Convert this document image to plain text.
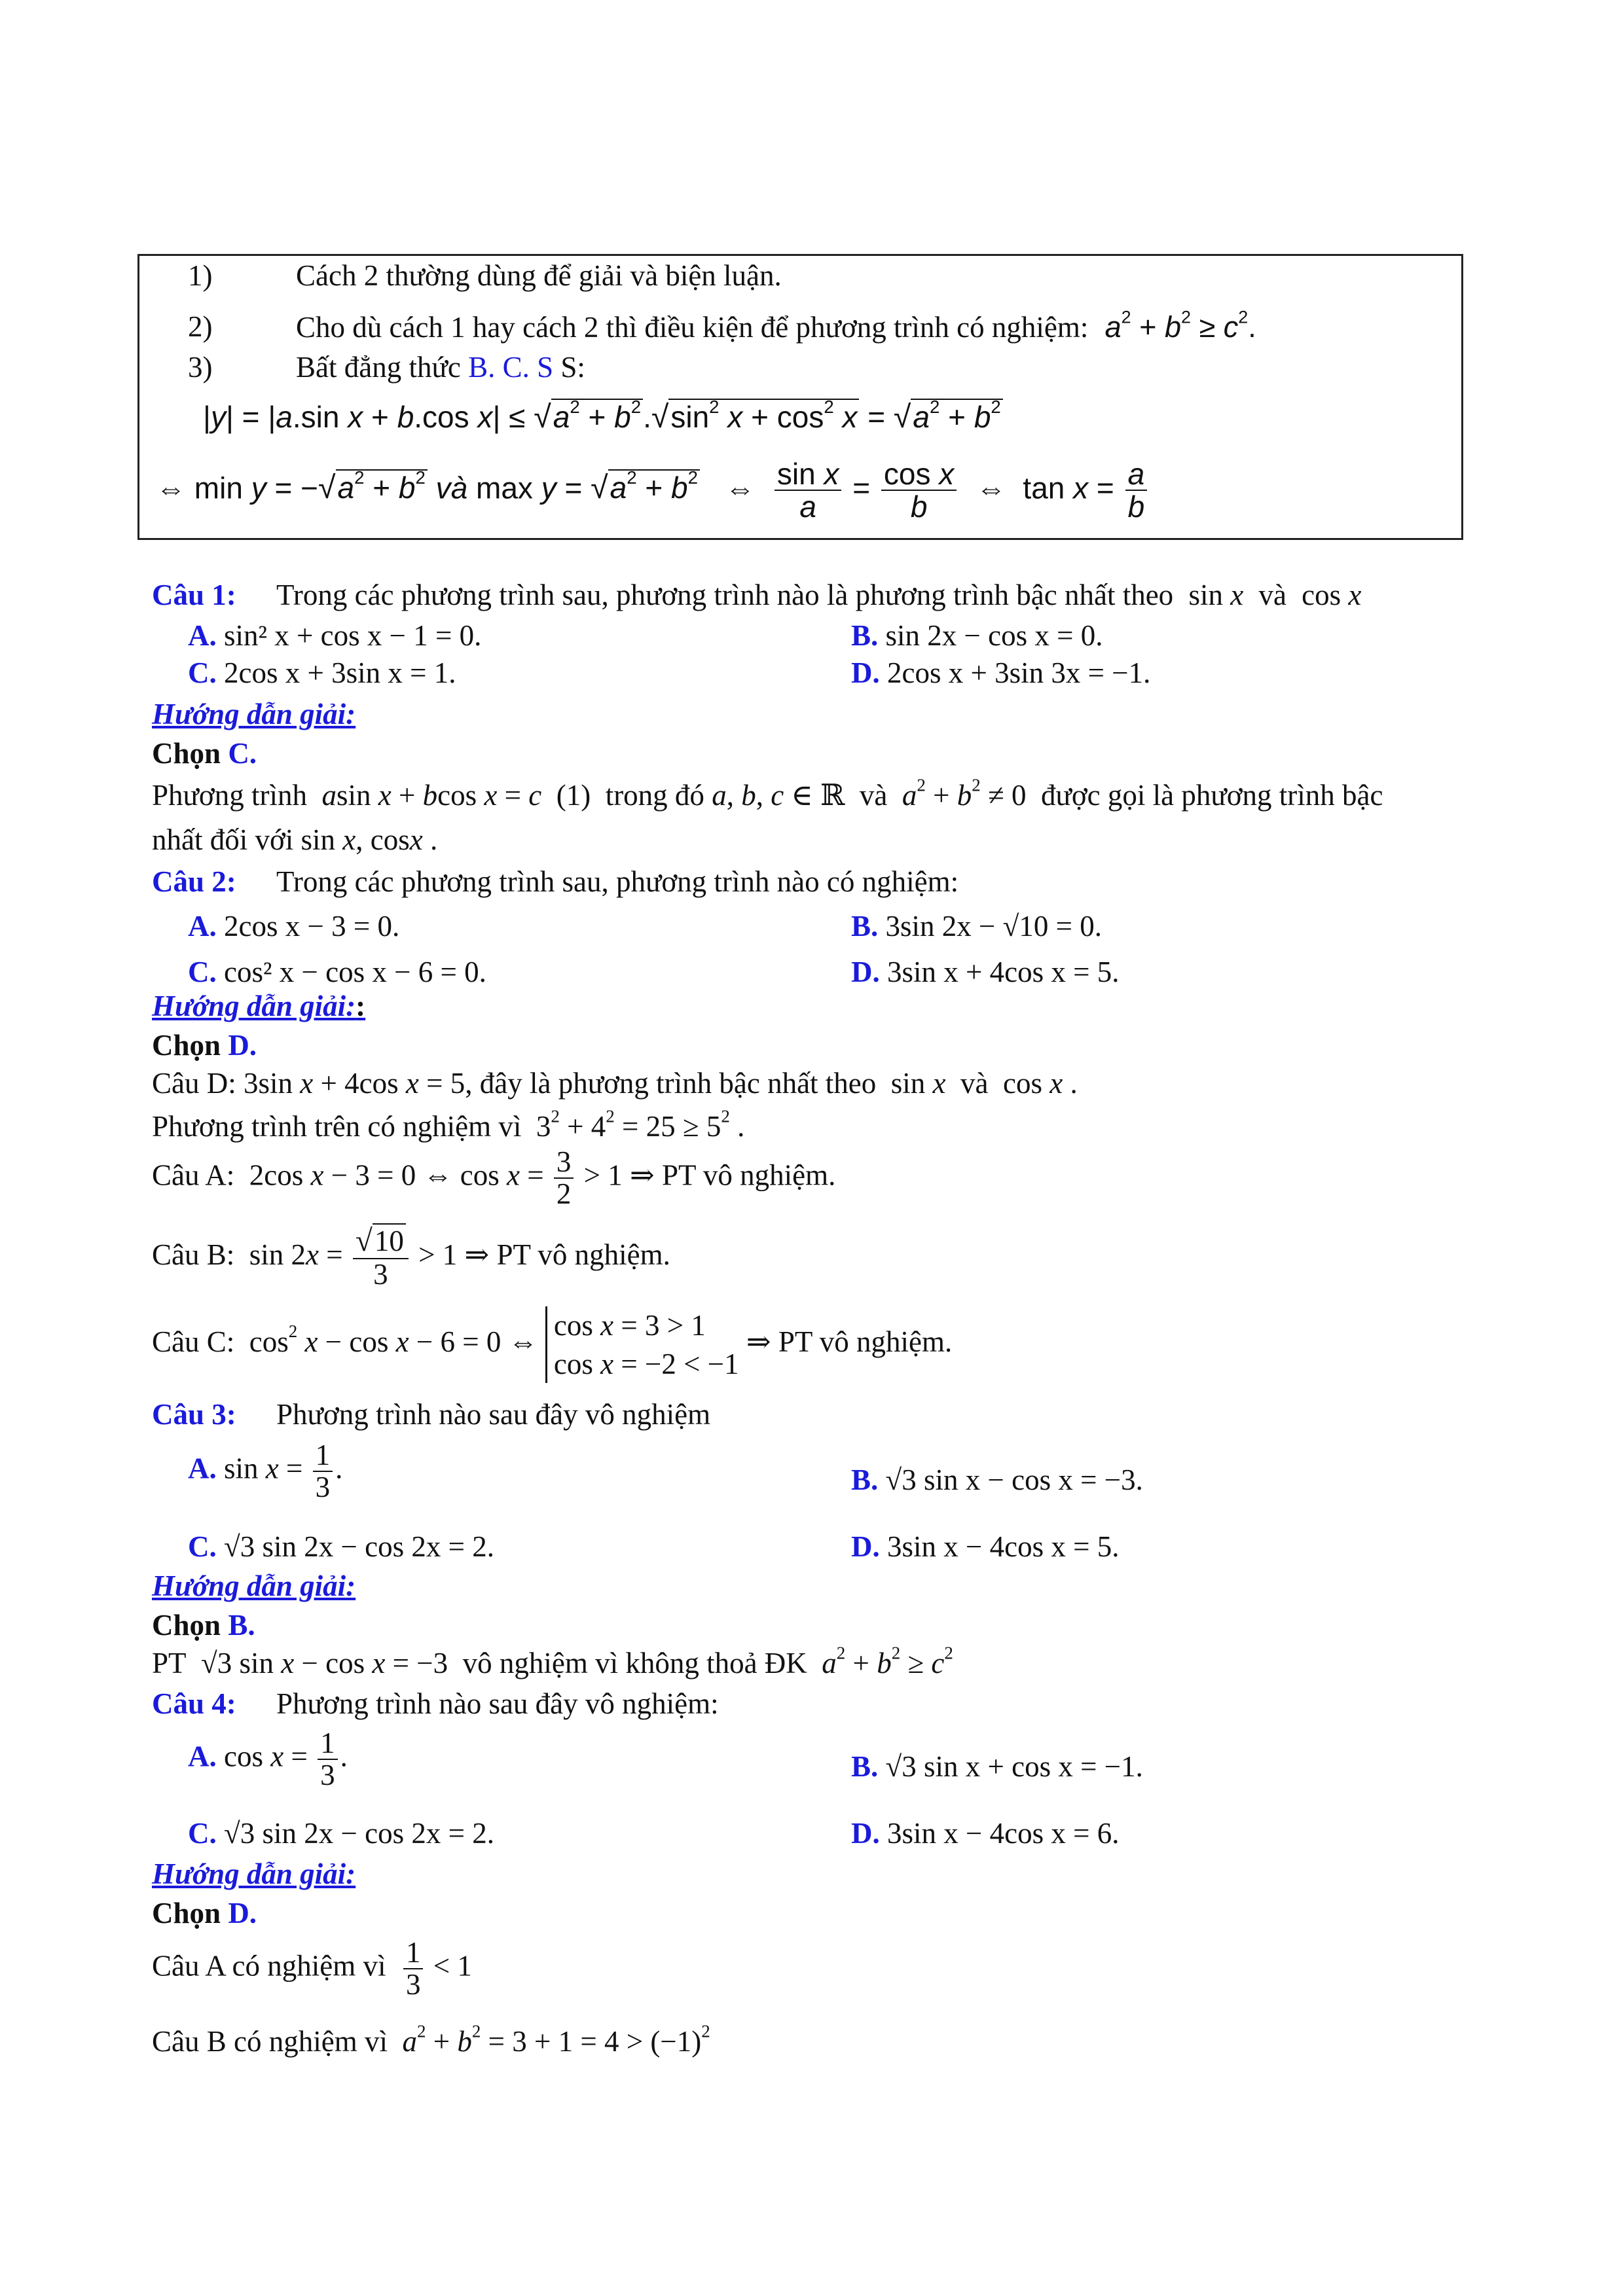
1)	Cách 2 thường dùng để giải và biện luận.
2)	Cho dù cách 1 hay cách 2 thì điều kiện để phương trình có nghiệm: $a^2 + b^2 \ge c^2$.
3)	Bất đẳng thức B. C. S S:
|y| = |a.sin x + b.cos $x| \le √a^2 + b^2.√\sin^2$ $x + \cos^2 x = √a^2 + b^2$
⇔ $\min y = -√a^2 + b^2$ và $\max y = √a^2 + b^2$   ⇔ $\frac{\text{sin x}}{a} = \frac{\text{cos x}}{b}$ ⇔  $\tan x = \frac{a}{b}$
Câu 1: Trong các phương trình sau, phương trình nào là phương trình bậc nhất theo sin x và cos x
A. sin² x + cos x − 1 = 0.	B. sin 2x − cos x = 0.
C. 2cos x + 3sin x = 1.	D. 2cos x + 3sin 3x = −1.
Hướng dẫn giải:
Chọn C.
Phương trình asin x + bcos x = c  (1)  trong đó a, b, c ∈ ℝ  và $a^2 + b^2 \ne 0$  được gọi là phương trình bậc
nhất đối với sin x, cosx .
Câu 2: Trong các phương trình sau, phương trình nào có nghiệm:
A. 2cos x − 3 = 0.	B. 3sin 2x − √10 = 0.
C. cos² x − cos x − 6 = 0.	D. 3sin x + 4cos x = 5.
Hướng dẫn giải::
Chọn D.
Câu D: 3sin x + 4cos x = 5, đây là phương trình bậc nhất theo  sin x và  cos x .
Phương trình trên có nghiệm vì  $3^2 + 4^2 = 25 \ge 5^2$ .
Câu A:  2cos x − 3 = 0 ⇔ $\cos x = \frac{3}{2} > 1$ ⇒ PT vô nghiệm.
Câu B:  $\sin 2x = \frac{√10}{3} > 1$ ⇒ PT vô nghiệm.
Câu C:  $\cos^2 x - \cos x - 6 = 0$ ⇔ cos x = 3 > 1
cos x = −2 < −1
⇒ PT vô nghiệm.
Câu 3: Phương trình nào sau đây vô nghiệm
A. $\sin x = \frac{1}{3}$ .	B. √3 sin x − cos x = −3.
C. √3 sin 2x − cos 2x = 2.	D. 3sin x − 4cos x = 5.
Hướng dẫn giải:
Chọn B.
PT  √3 sin x − cos x = −3  vô nghiệm vì không thoả ĐK $a^2 + b^2 \ge c^2$
Câu 4: Phương trình nào sau đây vô nghiệm:
A. $\cos x = \frac{1}{3}$ .	B. √3 sin x + cos x = −1.
C. √3 sin 2x − cos 2x = 2.	D. 3sin x − 4cos x = 6.
Hướng dẫn giải:
Chọn D.
Câu A có nghiệm vì $\frac{1}{3} < 1$
Câu B có nghiệm vì $a^2 + b^2 = 3 + 1 = 4 > (-1)^2$
